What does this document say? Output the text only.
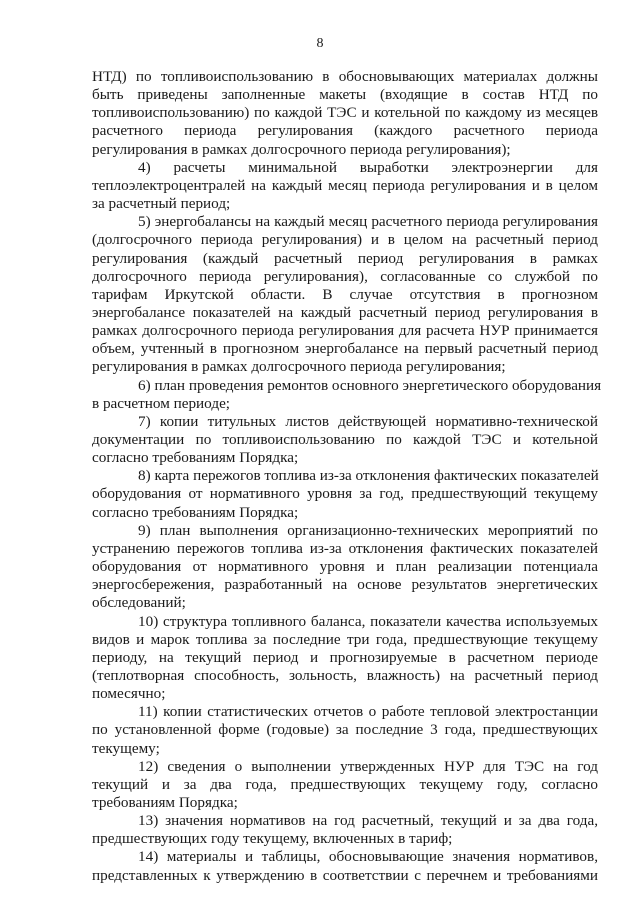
8
НТД) по топливоиспользованию в обосновывающих материалах должны
быть приведены заполненные макеты (входящие в состав НТД по
топливоиспользованию) по каждой ТЭС и котельной по каждому из месяцев
расчетного периода регулирования (каждого расчетного периода
регулирования в рамках долгосрочного периода регулирования);
4) расчеты минимальной выработки электроэнергии для
теплоэлектроцентралей на каждый месяц периода регулирования и в целом
за расчетный период;
5) энергобалансы на каждый месяц расчетного периода регулирования
(долгосрочного периода регулирования) и в целом на расчетный период
регулирования (каждый расчетный период регулирования в рамках
долгосрочного периода регулирования), согласованные со службой по
тарифам Иркутской области. В случае отсутствия в прогнозном
энергобалансе показателей на каждый расчетный период регулирования в
рамках долгосрочного периода регулирования для расчета НУР принимается
объем, учтенный в прогнозном энергобалансе на первый расчетный период
регулирования в рамках долгосрочного периода регулирования;
6) план проведения ремонтов основного энергетического оборудования
в расчетном периоде;
7) копии титульных листов действующей нормативно-технической
документации по топливоиспользованию по каждой ТЭС и котельной
согласно требованиям Порядка;
8) карта пережогов топлива из-за отклонения фактических показателей
оборудования от нормативного уровня за год, предшествующий текущему
согласно требованиям Порядка;
9) план выполнения организационно-технических мероприятий по
устранению пережогов топлива из-за отклонения фактических показателей
оборудования от нормативного уровня и план реализации потенциала
энергосбережения, разработанный на основе результатов энергетических
обследований;
10) структура топливного баланса, показатели качества используемых
видов и марок топлива за последние три года, предшествующие текущему
периоду, на текущий период и прогнозируемые в расчетном периоде
(теплотворная способность, зольность, влажность) на расчетный период
помесячно;
11) копии статистических отчетов о работе тепловой электростанции
по установленной форме (годовые) за последние 3 года, предшествующих
текущему;
12) сведения о выполнении утвержденных НУР для ТЭС на год
текущий и за два года, предшествующих текущему году, согласно
требованиям Порядка;
13) значения нормативов на год расчетный, текущий и за два года,
предшествующих году текущему, включенных в тариф;
14) материалы и таблицы, обосновывающие значения нормативов,
представленных к утверждению в соответствии с перечнем и требованиями
